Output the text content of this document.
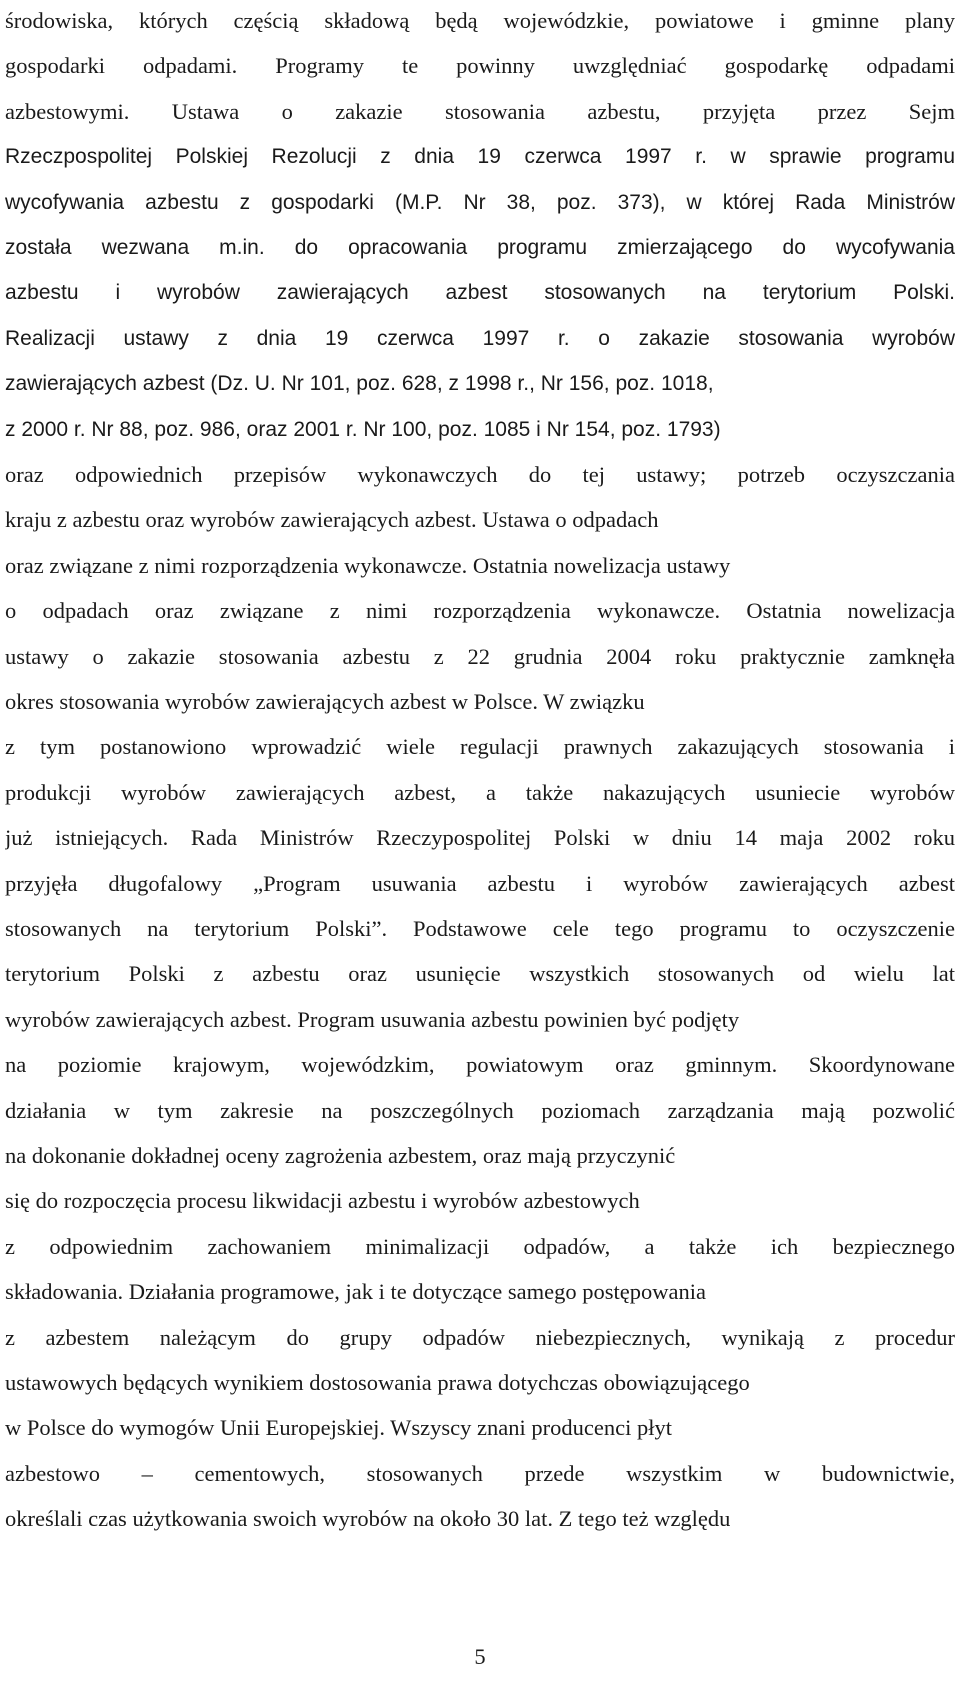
środowiska, których częścią składową będą wojewódzkie, powiatowe i gminne plany
gospodarki odpadami. Programy te powinny uwzględniać gospodarkę odpadami
azbestowymi. Ustawa o zakazie stosowania azbestu, przyjęta przez Sejm
Rzeczpospolitej Polskiej Rezolucji z dnia 19 czerwca 1997 r. w sprawie programu
wycofywania azbestu z gospodarki (M.P. Nr 38, poz. 373), w której Rada Ministrów
została wezwana m.in. do opracowania programu zmierzającego do wycofywania
azbestu i wyrobów zawierających azbest stosowanych na terytorium Polski.
Realizacji ustawy z dnia 19 czerwca 1997 r. o zakazie stosowania wyrobów
zawierających azbest (Dz. U. Nr 101, poz. 628, z 1998 r., Nr 156, poz. 1018,
z 2000 r. Nr 88, poz. 986, oraz 2001 r. Nr 100, poz. 1085 i Nr 154, poz. 1793)
oraz odpowiednich przepisów wykonawczych do tej ustawy; potrzeb oczyszczania
kraju z azbestu oraz wyrobów zawierających azbest. Ustawa o odpadach
oraz związane z nimi rozporządzenia wykonawcze. Ostatnia nowelizacja ustawy
o odpadach oraz związane z nimi rozporządzenia wykonawcze. Ostatnia nowelizacja
ustawy o zakazie stosowania azbestu z 22 grudnia 2004 roku praktycznie zamknęła
okres stosowania wyrobów zawierających azbest w Polsce. W związku
z tym postanowiono wprowadzić wiele regulacji prawnych zakazujących stosowania i
produkcji wyrobów zawierających azbest, a także nakazujących usuniecie wyrobów
już istniejących. Rada Ministrów Rzeczypospolitej Polski w dniu 14 maja 2002 roku
przyjęła długofalowy „Program usuwania azbestu i wyrobów zawierających azbest
stosowanych na terytorium Polski”. Podstawowe cele tego programu to oczyszczenie
terytorium Polski z azbestu oraz usunięcie wszystkich stosowanych od wielu lat
wyrobów zawierających azbest. Program usuwania azbestu powinien być podjęty
na poziomie krajowym, wojewódzkim, powiatowym oraz gminnym. Skoordynowane
działania w tym zakresie na poszczególnych poziomach zarządzania mają pozwolić
na dokonanie dokładnej oceny zagrożenia azbestem, oraz mają przyczynić
się do rozpoczęcia procesu likwidacji azbestu i wyrobów azbestowych
z odpowiednim zachowaniem minimalizacji odpadów, a także ich bezpiecznego
składowania. Działania programowe, jak i te dotyczące samego postępowania
z azbestem należącym do grupy odpadów niebezpiecznych, wynikają z procedur
ustawowych będących wynikiem dostosowania prawa dotychczas obowiązującego
w Polsce do wymogów Unii Europejskiej. Wszyscy znani producenci płyt
azbestowo – cementowych, stosowanych przede wszystkim w budownictwie,
określali czas użytkowania swoich wyrobów na około 30 lat. Z tego też względu
5
